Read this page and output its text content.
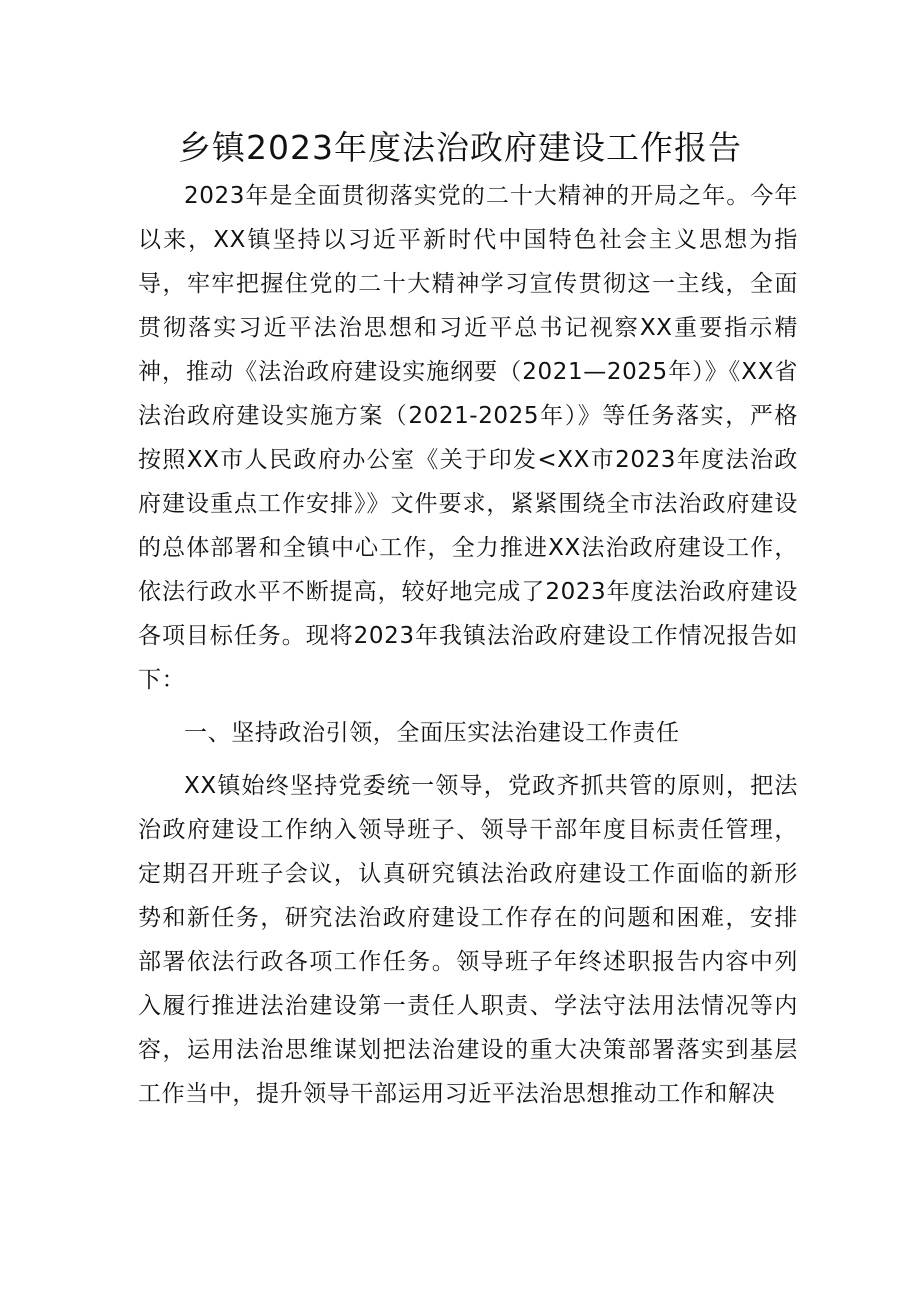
乡镇2023年度法治政府建设工作报告

2023年是全面贯彻落实党的二十大精神的开局之年。今年以来，XX镇坚持以习近平新时代中国特色社会主义思想为指导，牢牢把握住党的二十大精神学习宣传贯彻这一主线，全面贯彻落实习近平法治思想和习近平总书记视察XX重要指示精神，推动《法治政府建设实施纲要（2021—2025年）》《XX省法治政府建设实施方案（2021-2025年）》等任务落实，严格按照XX市人民政府办公室《关于印发<XX市2023年度法治政府建设重点工作安排》》文件要求，紧紧围绕全市法治政府建设的总体部署和全镇中心工作，全力推进XX法治政府建设工作，依法行政水平不断提高，较好地完成了2023年度法治政府建设各项目标任务。现将2023年我镇法治政府建设工作情况报告如下：

一、坚持政治引领，全面压实法治建设工作责任

XX镇始终坚持党委统一领导，党政齐抓共管的原则，把法治政府建设工作纳入领导班子、领导干部年度目标责任管理，定期召开班子会议，认真研究镇法治政府建设工作面临的新形势和新任务，研究法治政府建设工作存在的问题和困难，安排部署依法行政各项工作任务。领导班子年终述职报告内容中列入履行推进法治建设第一责任人职责、学法守法用法情况等内容，运用法治思维谋划把法治建设的重大决策部署落实到基层工作当中，提升领导干部运用习近平法治思想推动工作和解决
